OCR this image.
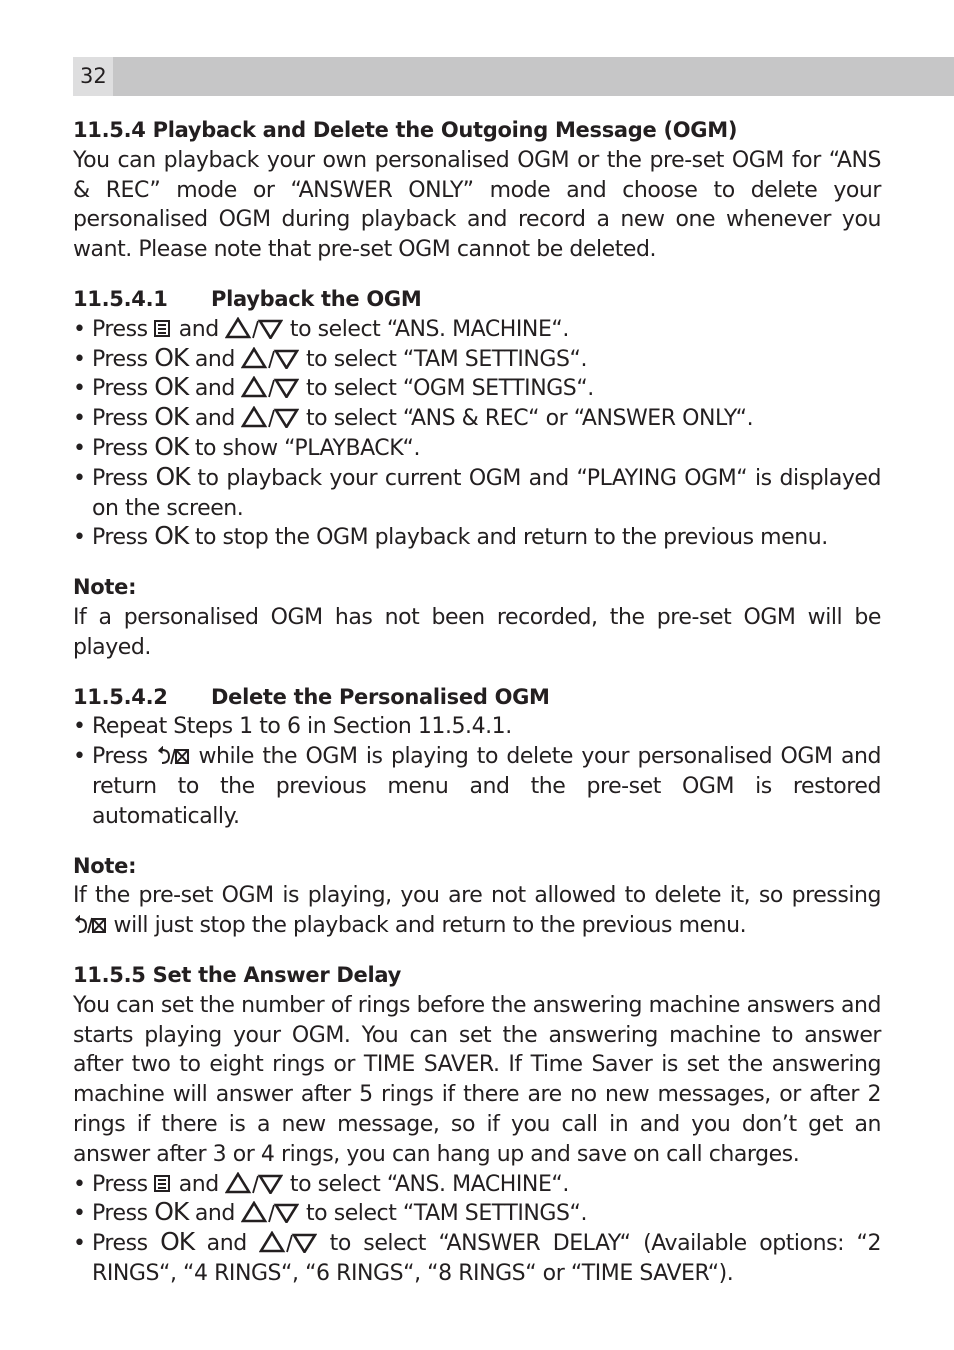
32

11.5.4 Playback and Delete the Outgoing Message (OGM)

You can playback your own personalised OGM or the pre-set OGM for “ANS & REC” mode or “ANSWER ONLY” mode and choose to delete your personalised OGM during playback and record a new one whenever you want. Please note that pre-set OGM cannot be deleted.

11.5.4.1 Playback the OGM

• Press and	to select “ANS. MACHINE“.
• Press OK and	to select “TAM SETTINGS“.
• Press OK and	to select “OGM SETTINGS“.
• Press OK and	to select “ANS & REC“ or “ANSWER ONLY“.
• Press OK to show “PLAYBACK“.
• Press OK to playback your current OGM and “PLAYING OGM“ is displayed on the screen.
• Press OK to stop the OGM playback and return to the previous menu.

Note:

If a personalised OGM has not been recorded, the pre-set OGM will be played.

11.5.4.2 Delete the Personalised OGM

• Repeat Steps 1 to 6 in Section 11.5.4.1.
• Press while the OGM is playing to delete your personalised OGM and return to the previous menu and the pre-set OGM is restored automatically.

Note:

If the pre-set OGM is playing, you are not allowed to delete it, so pressing  will just stop the playback and return to the previous menu.

11.5.5 Set the Answer Delay

You can set the number of rings before the answering machine answers and starts playing your OGM. You can set the answering machine to answer after two to eight rings or TIME SAVER. If Time Saver is set the answering machine will answer after 5 rings if there are no new messages, or after 2 rings if there is a new message, so if you call in and you don’t get an answer after 3 or 4 rings, you can hang up and save on call charges.

• Press and	to select “ANS. MACHINE“.
• Press OK and	to select “TAM SETTINGS“.
• Press OK and	to select “ANSWER DELAY“ (Available options: “2 RINGS“, “4 RINGS“, “6 RINGS“, “8 RINGS“ or “TIME SAVER“).
